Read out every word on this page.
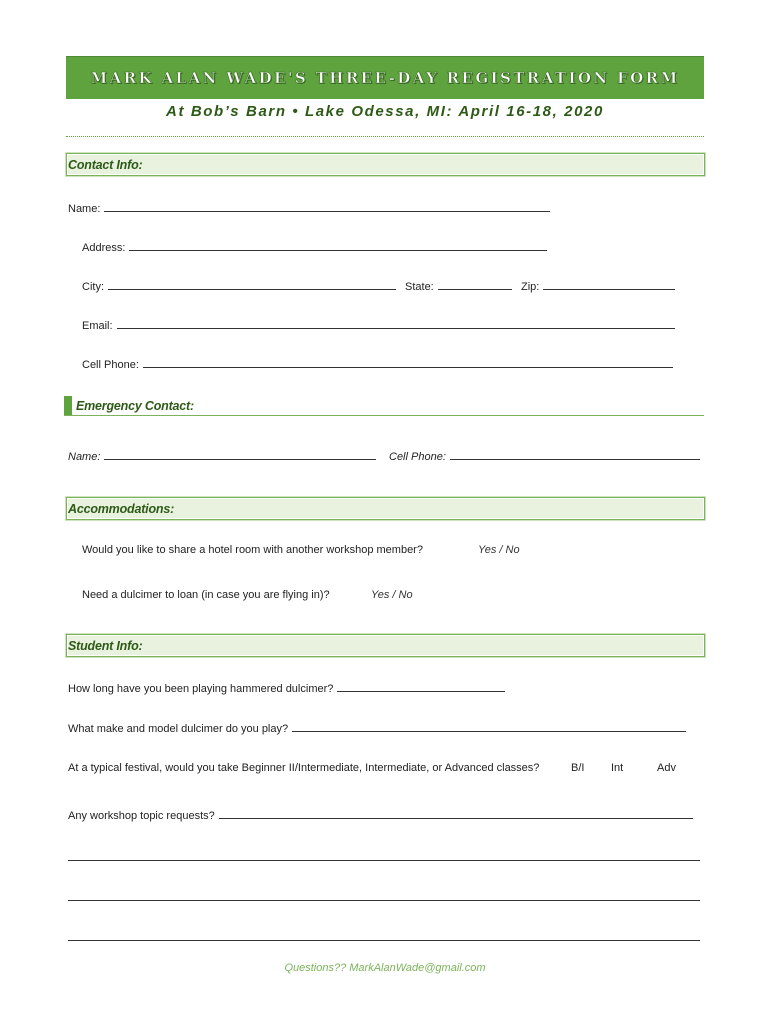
MARK ALAN WADE'S THREE-DAY REGISTRATION FORM
At Bob’s Barn • Lake Odessa, MI: April 16-18, 2020
Contact Info:
Name:
Address:
City:	State:	Zip:
Email:
Cell Phone:
Emergency Contact:
Name:	Cell Phone:
Accommodations:
Would you like to share a hotel room with another workshop member?	Yes / No
Need a dulcimer to loan (in case you are flying in)?	Yes / No
Student Info:
How long have you been playing hammered dulcimer?
What make and model dulcimer do you play?
At a typical festival, would you take Beginner II/Intermediate, Intermediate, or Advanced classes?	B/I Int	Adv
Any workshop topic requests?
Questions?? MarkAlanWade@gmail.com
